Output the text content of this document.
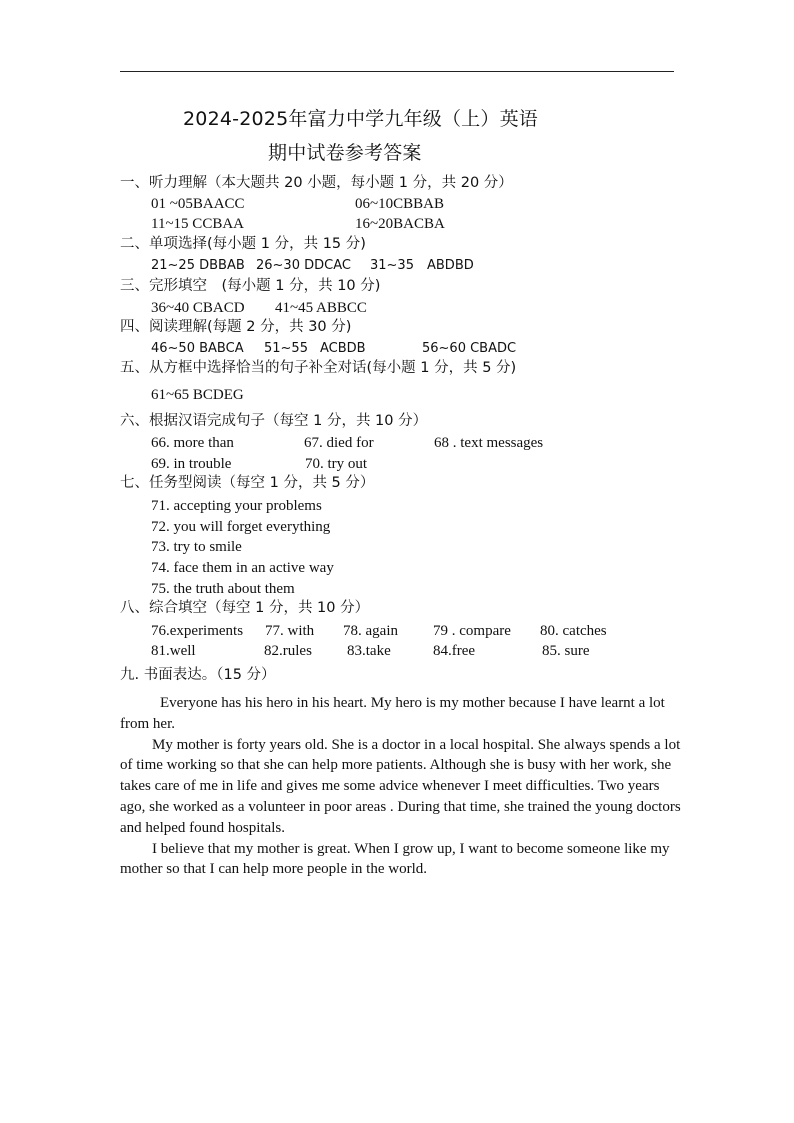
2024-2025年富力中学九年级（上）英语
期中试卷参考答案
一、听力理解（本大题共 20 小题，每小题 1 分，共 20 分）
01 ~05BAACC	06~10CBBAB
11~15 CCBAA	16~20BACBA
二、单项选择(每小题 1 分，共 15 分)
21~25 DBBAB 26~30 DDCAC 31~35 ABDBD
三、完形填空　(每小题 1 分，共 10 分)
36~40 CBACD 41~45 ABBCC
四、阅读理解(每题 2 分，共 30 分)
46~50 BABCA 51~55 ACBDB	56~60 CBADC
五、从方框中选择恰当的句子补全对话(每小题 1 分，共 5 分)
61~65 BCDEG
六、根据汉语完成句子（每空 1 分，共 10 分）
66. more than	67. died for	68 . text messages
69. in trouble	70. try out
七、任务型阅读（每空 1 分，共 5 分）
71. accepting your problems
72. you will forget everything
73. try to smile
74. face them in an active way
75. the truth about them
八、综合填空（每空 1 分，共 10 分）
76.experiments 77. with 78. again 79 . compare 80. catches
81.well	82.rules 83.take	84.free	85. sure
九. 书面表达。（15 分）

Everyone has his hero in his heart. My hero is my mother because I have learnt a lot from her.

My mother is forty years old. She is a doctor in a local hospital. She always spends a lot of time working so that she can help more patients. Although she is busy with her work, she takes care of me in life and gives me some advice whenever I meet difficulties. Two years ago, she worked as a volunteer in poor areas . During that time, she trained the young doctors and helped found hospitals.

I believe that my mother is great. When I grow up, I want to become someone like my mother so that I can help more people in the world.
